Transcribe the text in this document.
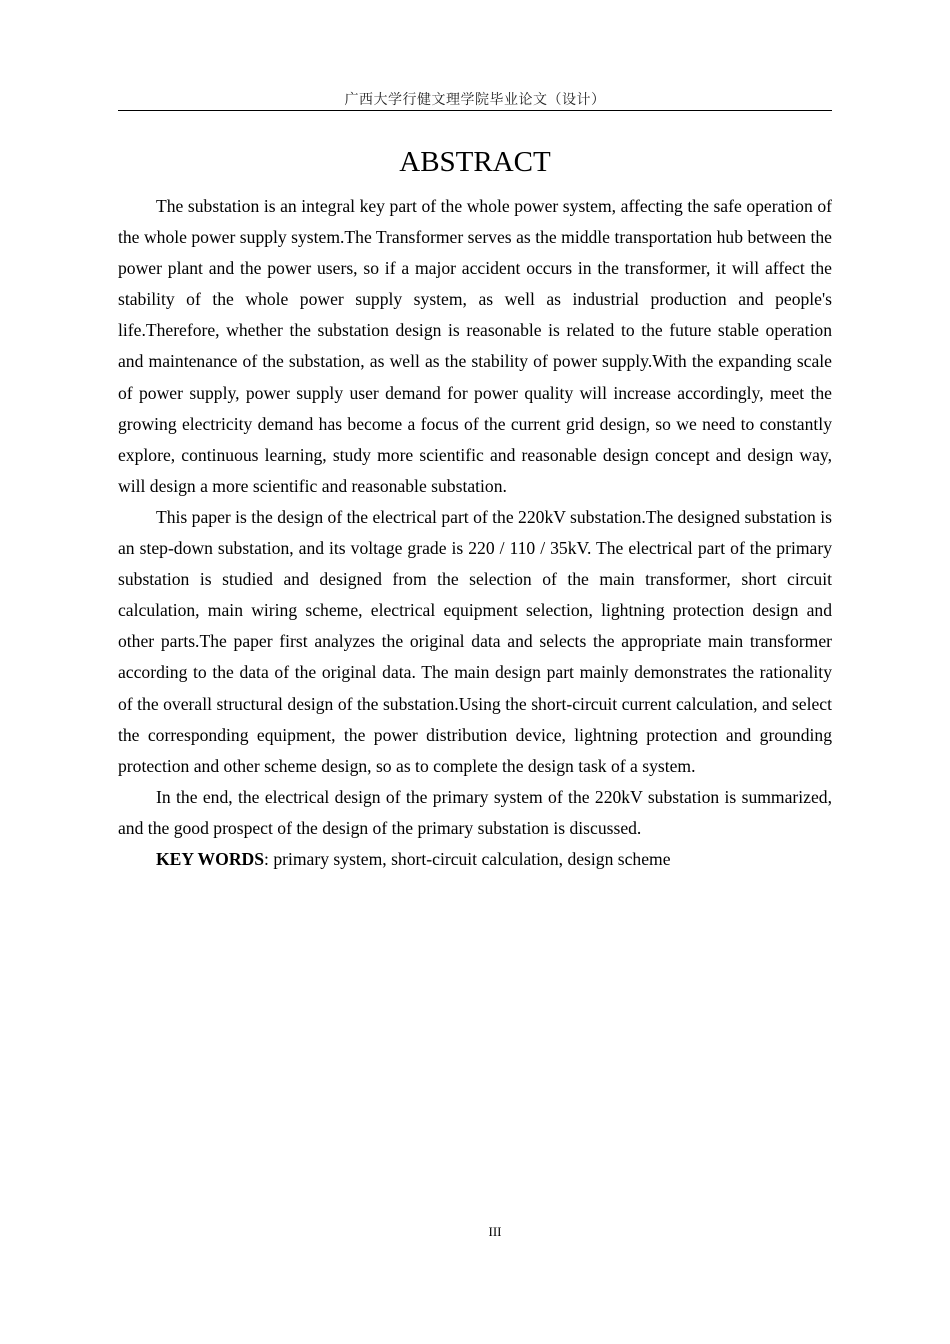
广西大学行健文理学院毕业论文（设计）
ABSTRACT

The substation is an integral key part of the whole power system, affecting the safe operation of the whole power supply system.The Transformer serves as the middle transportation hub between the power plant and the power users, so if a major accident occurs in the transformer, it will affect the stability of the whole power supply system, as well as industrial production and people's life.Therefore, whether the substation design is reasonable is related to the future stable operation and maintenance of the substation, as well as the stability of power supply.With the expanding scale of power supply, power supply user demand for power quality will increase accordingly, meet the growing electricity demand has become a focus of the current grid design, so we need to constantly explore, continuous learning, study more scientific and reasonable design concept and design way, will design a more scientific and reasonable substation.

This paper is the design of the electrical part of the 220kV substation.The designed substation is an step-down substation, and its voltage grade is 220 / 110 / 35kV. The electrical part of the primary substation is studied and designed from the selection of the main transformer, short circuit calculation, main wiring scheme, electrical equipment selection, lightning protection design and other parts.The paper first analyzes the original data and selects the appropriate main transformer according to the data of the original data. The main design part mainly demonstrates the rationality of the overall structural design of the substation.Using the short-circuit current calculation, and select the corresponding equipment, the power distribution device, lightning protection and grounding protection and other scheme design, so as to complete the design task of a system.

In the end, the electrical design of the primary system of the 220kV substation is summarized, and the good prospect of the design of the primary substation is discussed.

KEY WORDS: primary system, short-circuit calculation, design scheme

III
